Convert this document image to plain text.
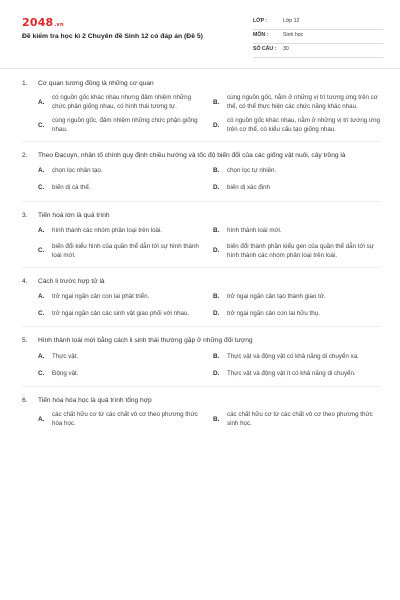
2048.vn
Đề kiểm tra học kì 2 Chuyên đề Sinh 12 có đáp án (Đề 5)
LỚP :	Lớp 12
MÔN :	Sinh học
SỐ CÂU : 30
1.	Cơ quan tương đồng là những cơ quan
A.
có nguồn gốc khác nhau nhưng đảm nhiệm những chức phận giống nhau, có hình thái tương tự.
B.
cùng nguồn gốc, nằm ở những vị trí tương ứng trên cơ thể, có thể thực hiện các chức năng khác nhau.
C.
cùng nguồn gốc, đảm nhiệm những chức phận giống nhau.
D.
có nguồn gốc khác nhau, nằm ở những vị trí tương ứng trên cơ thể, có kiểu cấu tạo giống nhau.
2.	Theo Đacuyn, nhân tố chính quy định chiều hướng và tốc độ biến đổi của các giống vật nuôi, cây trồng là
A.	chọn lọc nhân tạo.	B.	chọn lọc tự nhiên.
C.	biến dị cá thể.	D.	biến dị xác định
3.	Tiến hoá lớn là quá trình
A.	hình thành các nhóm phân loại trên loài.	B.	hình thành loài mới.
C.
biến đổi kiểu hình của quần thể dẫn tới sự hình thành loài mới.
D.
biến đổi thành phần kiểu gen của quần thể dẫn tới sự hình thành các nhóm phân loại trên loài.
4.	Cách li trước hợp tử là
A.	trở ngại ngăn cản con lai phát triển.	B.	trở ngại ngăn cản tạo thành giao tử.
C.	trở ngại ngăn cản các sinh vật giao phối với nhau.	D.	trở ngại ngăn cản con lai hữu thụ.
5.	Hình thành loài mới bằng cách li sinh thái thường gặp ở những đối tượng
A.	Thực vật.	B.	Thực vật và động vật có khả năng di chuyển xa.
C.	Động vật.	D.	Thực vật và động vật ít có khả năng di chuyển.
6.	Tiến hóa hóa học là quá trình tổng hợp
A.
các chất hữu cơ từ các chất vô cơ theo phương thức hóa học.
B.
các chất hữu cơ từ các chất vô cơ theo phương thức sinh học.
